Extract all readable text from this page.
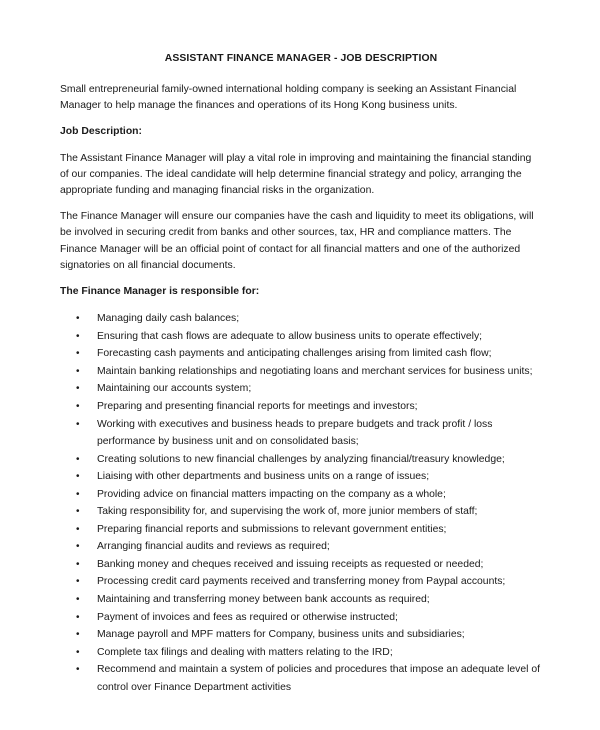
ASSISTANT FINANCE MANAGER - JOB DESCRIPTION

Small entrepreneurial family-owned international holding company is seeking an Assistant Financial Manager to help manage the finances and operations of its Hong Kong business units.

Job Description:

The Assistant Finance Manager will play a vital role in improving and maintaining the financial standing of our companies. The ideal candidate will help determine financial strategy and policy, arranging the appropriate funding and managing financial risks in the organization.

The Finance Manager will ensure our companies have the cash and liquidity to meet its obligations, will be involved in securing credit from banks and other sources, tax, HR and compliance matters. The Finance Manager will be an official point of contact for all financial matters and one of the authorized signatories on all financial documents.

The Finance Manager is responsible for:

• Managing daily cash balances;
• Ensuring that cash flows are adequate to allow business units to operate effectively;
• Forecasting cash payments and anticipating challenges arising from limited cash flow;
• Maintain banking relationships and negotiating loans and merchant services for business units;
• Maintaining our accounts system;
• Preparing and presenting financial reports for meetings and investors;
• Working with executives and business heads to prepare budgets and track profit / loss performance by business unit and on consolidated basis;
• Creating solutions to new financial challenges by analyzing financial/treasury knowledge;
• Liaising with other departments and business units on a range of issues;
• Providing advice on financial matters impacting on the company as a whole;
• Taking responsibility for, and supervising the work of, more junior members of staff;
• Preparing financial reports and submissions to relevant government entities;
• Arranging financial audits and reviews as required;
• Banking money and cheques received and issuing receipts as requested or needed;
• Processing credit card payments received and transferring money from Paypal accounts;
• Maintaining and transferring money between bank accounts as required;
• Payment of invoices and fees as required or otherwise instructed;
• Manage payroll and MPF matters for Company, business units and subsidiaries;
• Complete tax filings and dealing with matters relating to the IRD;
• Recommend and maintain a system of policies and procedures that impose an adequate level of control over Finance Department activities
